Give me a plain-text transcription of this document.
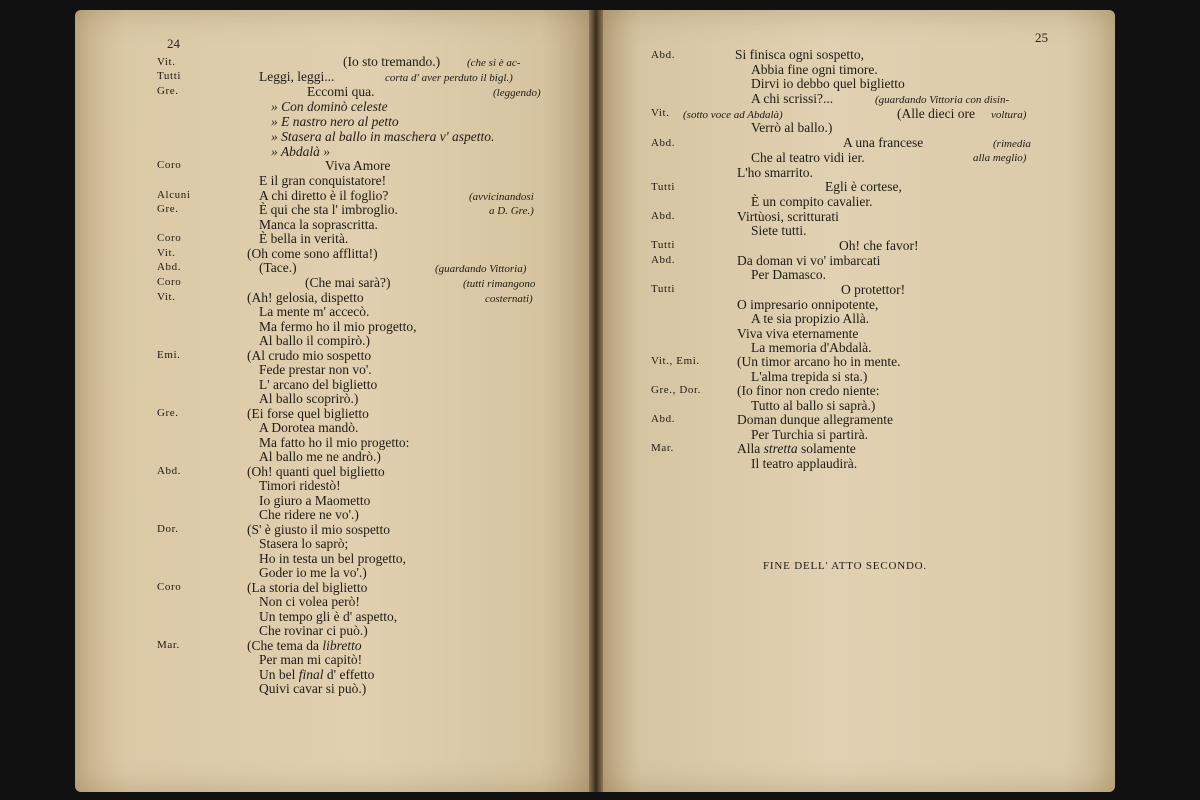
24
Vit.
Tutti
Gre.
Coro
Alcuni
Gre.
Coro
Vit.
Abd.
Coro
Vit.
Emi.
Gre.
Abd.
Dor.
Coro
Mar.
(Io sto tremando.)
Leggi, leggi...
Eccomi qua.
» Con dominò celeste
» E nastro nero al petto
» Stasera al ballo in maschera v' aspetto.
» Abdalà »
Viva Amore
E il gran conquistatore!
A chi diretto è il foglio?
È qui che sta l' imbroglio.
Manca la soprascritta.
È bella in verità.
(Oh come sono afflitta!)
(Tace.)
(Che mai sarà?)
(Ah! gelosia, dispetto
La mente m' accecò.
Ma fermo ho il mio progetto,
Al ballo il compirò.)
(Al crudo mio sospetto
Fede prestar non vo'.
L' arcano del biglietto
Al ballo scoprirò.)
(Ei forse quel biglietto
A Dorotea mandò.
Ma fatto ho il mio progetto:
Al ballo me ne andrò.)
(Oh! quanti quel biglietto
Timori ridestò!
Io giuro a Maometto
Che ridere ne vo'.)
(S' è giusto il mio sospetto
Stasera lo saprò;
Ho in testa un bel progetto,
Goder io me la vo'.)
(La storia del biglietto
Non ci volea però!
Un tempo gli è d' aspetto,
Che rovinar ci può.)
(Che tema da libretto
Per man mi capitò!
Un bel final d' effetto
Quivi cavar si può.)
(che si è ac-
corta d' aver perduto il bigl.)
(leggendo)
(avvicinandosi
a D. Gre.)
(guardando Vittoria)
(tutti rimangono
costernati)
25
Abd.
Vit.
Abd.
Tutti
Abd.
Tutti
Abd.
Tutti
Vit., Emi.
Gre., Dor.
Abd.
Mar.
Si finisca ogni sospetto,
Abbia fine ogni timore.
Dirvi io debbo quel biglietto
A chi scrissi?...
(Alle dieci ore
Verrò al ballo.)
A una francese
Che al teatro vidi ier.
L'ho smarrito.
Egli è cortese,
È un compito cavalier.
Virtùosi, scritturati
Siete tutti.
Oh! che favor!
Da doman vi vo' imbarcati
Per Damasco.
O protettor!
O impresario onnipotente,
A te sia propizio Allà.
Viva viva eternamente
La memoria d'Abdalà.
(Un timor arcano ho in mente.
L'alma trepida si sta.)
(Io finor non credo niente:
Tutto al ballo si saprà.)
Doman dunque allegramente
Per Turchia si partirà.
Alla stretta solamente
Il teatro applaudirà.
(guardando Vittoria con disin-
(sotto voce ad Abdalà)	voltura)
(rimedia
alla meglio)
FINE DELL' ATTO SECONDO.
